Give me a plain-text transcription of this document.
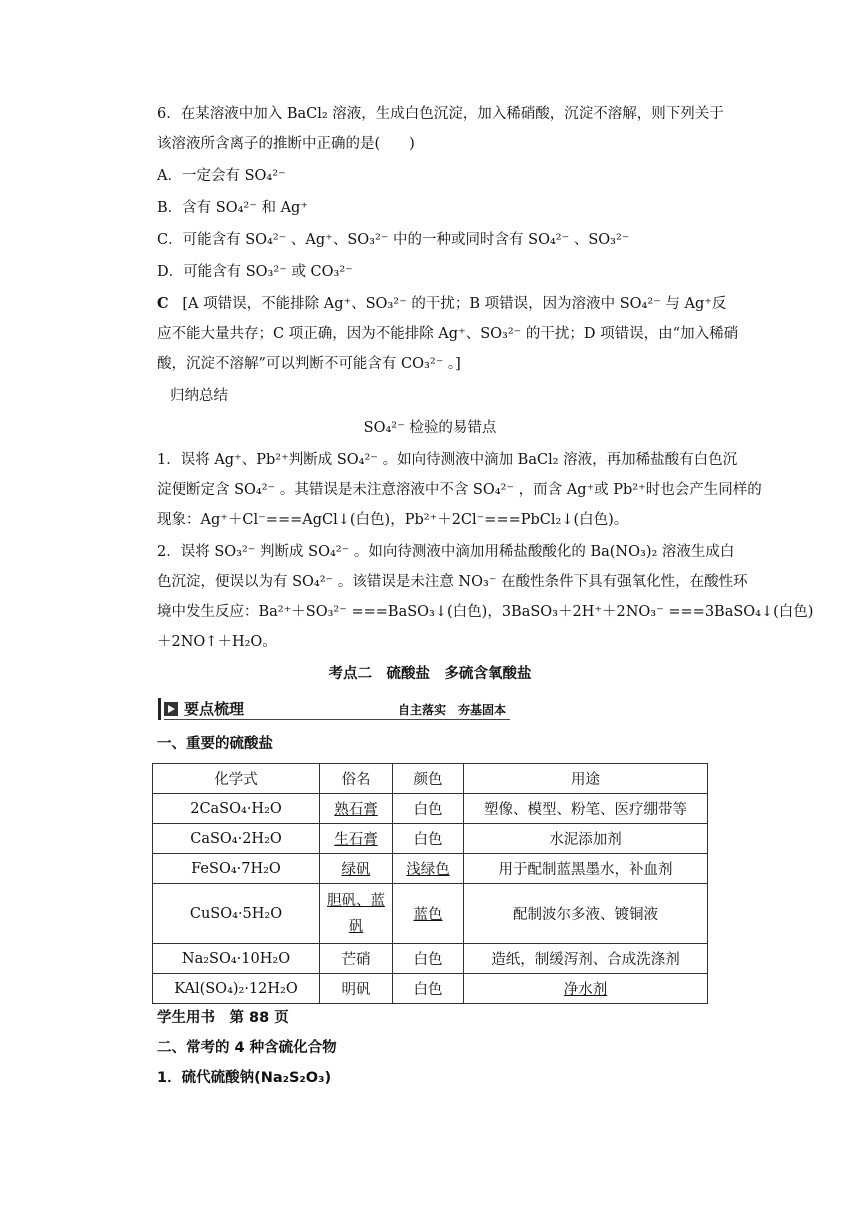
6．在某溶液中加入 BaCl₂ 溶液，生成白色沉淀，加入稀硝酸，沉淀不溶解，则下列关于
该溶液所含离子的推断中正确的是(　　)
A．一定会有 SO₄²⁻
B．含有 SO₄²⁻ 和 Ag⁺
C．可能含有 SO₄²⁻ 、Ag⁺、SO₃²⁻ 中的一种或同时含有 SO₄²⁻ 、SO₃²⁻
D．可能含有 SO₃²⁻ 或 CO₃²⁻
C [A 项错误，不能排除 Ag⁺、SO₃²⁻ 的干扰；B 项错误，因为溶液中 SO₄²⁻ 与 Ag⁺反
应不能大量共存；C 项正确，因为不能排除 Ag⁺、SO₃²⁻ 的干扰；D 项错误，由“加入稀硝
酸，沉淀不溶解”可以判断不可能含有 CO₃²⁻ 。]
归纳总结
SO₄²⁻ 检验的易错点
1．误将 Ag⁺、Pb²⁺判断成 SO₄²⁻ 。如向待测液中滴加 BaCl₂ 溶液，再加稀盐酸有白色沉
淀便断定含 SO₄²⁻ 。其错误是未注意溶液中不含 SO₄²⁻ ，而含 Ag⁺或 Pb²⁺时也会产生同样的
现象：Ag⁺＋Cl⁻===AgCl↓(白色)，Pb²⁺＋2Cl⁻===PbCl₂↓(白色)。
2．误将 SO₃²⁻ 判断成 SO₄²⁻ 。如向待测液中滴加用稀盐酸酸化的 Ba(NO₃)₂ 溶液生成白
色沉淀，便误以为有 SO₄²⁻ 。该错误是未注意 NO₃⁻ 在酸性条件下具有强氧化性，在酸性环
境中发生反应：Ba²⁺＋SO₃²⁻ ===BaSO₃↓(白色)，3BaSO₃＋2H⁺＋2NO₃⁻ ===3BaSO₄↓(白色)
＋2NO↑＋H₂O。
考点二　硫酸盐　多硫含氧酸盐
要点梳理	自主落实　夯基固本
一、重要的硫酸盐
化学式	俗名	颜色	用途
2CaSO₄·H₂O	熟石膏	白色	塑像、模型、粉笔、医疗绷带等
CaSO₄·2H₂O	生石膏	白色	水泥添加剂
FeSO₄·7H₂O	绿矾	浅绿色	用于配制蓝黑墨水，补血剂
CuSO₄·5H₂O	胆矾、蓝矾	蓝色	配制波尔多液、镀铜液
Na₂SO₄·10H₂O	芒硝	白色	造纸，制缓泻剂、合成洗涤剂
KAl(SO₄)₂·12H₂O	明矾	白色	净水剂
学生用书　第 88 页
二、常考的 4 种含硫化合物
1．硫代硫酸钠(Na₂S₂O₃)
